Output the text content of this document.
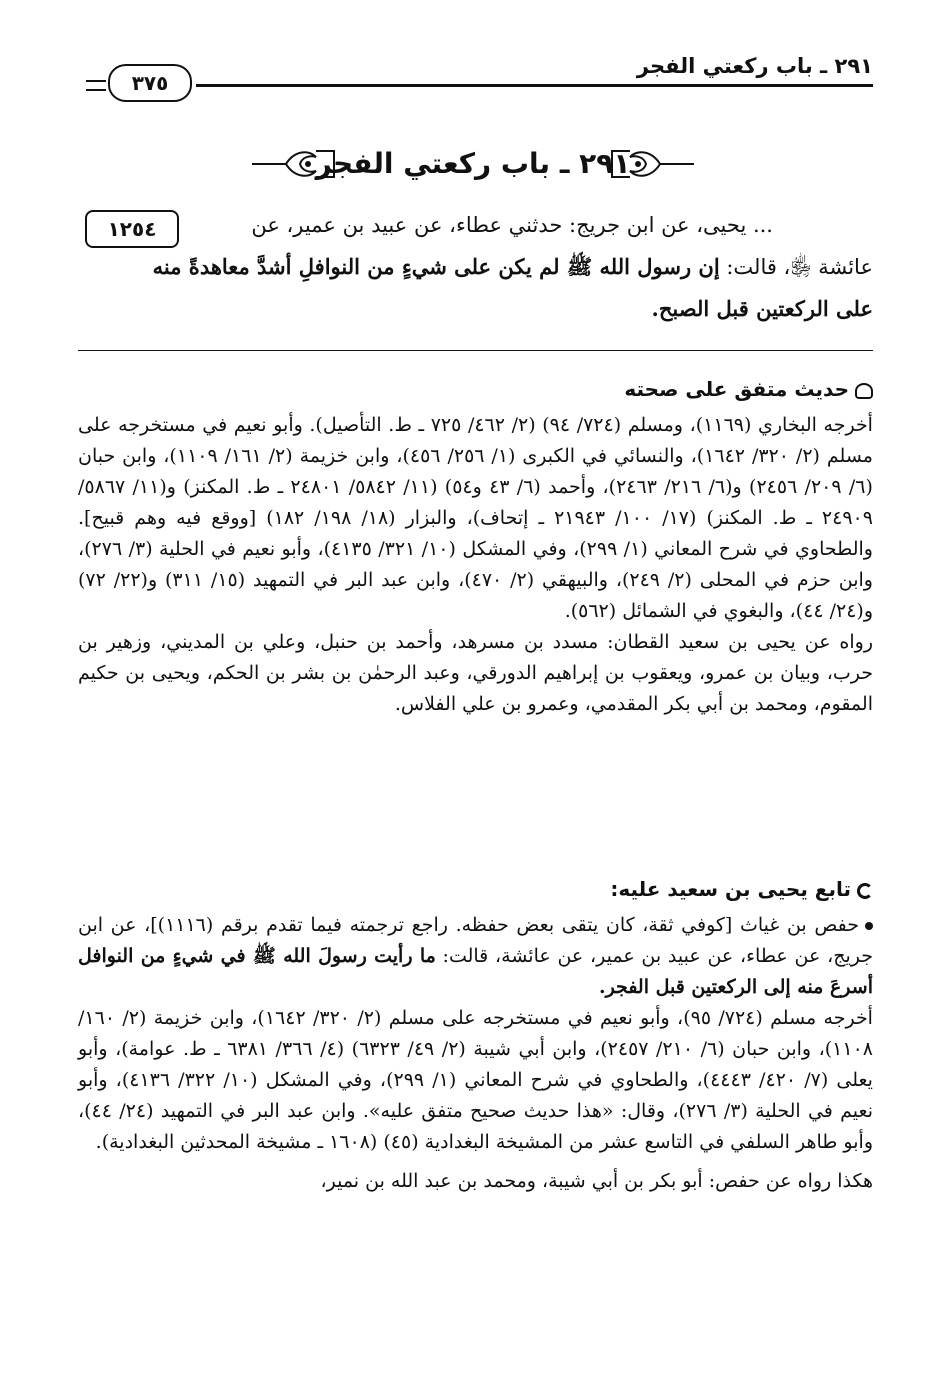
٢٩١ ـ باب ركعتي الفجر
٣٧٥
٢٩١ ـ باب ركعتي الفجر
١٢٥٤	... يحيى، عن ابن جريج: حدثني عطاء، عن عبيد بن عمير، عن

عائشة ﵂، قالت: إن رسول الله ﷺ لم يكن على شيءٍ من النوافلِ أشدَّ معاهدةً منه

على الركعتين قبل الصبح.

حديث متفق على صحته

أخرجه البخاري (١١٦٩)، ومسلم (٧٢٤/ ٩٤) (٢/ ٤٦٢/ ٧٢٥ ـ ط. التأصيل). وأبو نعيم في مستخرجه على مسلم (٢/ ٣٢٠/ ١٦٤٢)، والنسائي في الكبرى (١/ ٢٥٦/ ٤٥٦)، وابن خزيمة (٢/ ١٦١/ ١١٠٩)، وابن حبان (٦/ ٢٠٩/ ٢٤٥٦) و(٦/ ٢١٦/ ٢٤٦٣)، وأحمد (٦/ ٤٣ و٥٤) (١١/ ٥٨٤٢/ ٢٤٨٠١ ـ ط. المكنز) و(١١/ ٥٨٦٧/ ٢٤٩٠٩ ـ ط. المكنز) (١٧/ ١٠٠/ ٢١٩٤٣ ـ إتحاف)، والبزار (١٨/ ١٩٨/ ١٨٢) [ووقع فيه وهم قبيح]. والطحاوي في شرح المعاني (١/ ٢٩٩)، وفي المشكل (١٠/ ٣٢١/ ٤١٣٥)، وأبو نعيم في الحلية (٣/ ٢٧٦)، وابن حزم في المحلى (٢/ ٢٤٩)، والبيهقي (٢/ ٤٧٠)، وابن عبد البر في التمهيد (١٥/ ٣١١) و(٢٢/ ٧٢) و(٢٤/ ٤٤)، والبغوي في الشمائل (٥٦٢).

رواه عن يحيى بن سعيد القطان: مسدد بن مسرهد، وأحمد بن حنبل، وعلي بن المديني، وزهير بن حرب، وبيان بن عمرو، ويعقوب بن إبراهيم الدورقي، وعبد الرحمٰن بن بشر بن الحكم، ويحيى بن حكيم المقوم، ومحمد بن أبي بكر المقدمي، وعمرو بن علي الفلاس.

تابع يحيى بن سعيد عليه:

حفص بن غياث [كوفي ثقة، كان يتقى بعض حفظه. راجع ترجمته فيما تقدم برقم (١١١٦)]، عن ابن جريج، عن عطاء، عن عبيد بن عمير، عن عائشة، قالت: ما رأيت رسولَ الله ﷺ في شيءٍ من النوافل أسرعَ منه إلى الركعتين قبل الفجر.

أخرجه مسلم (٧٢٤/ ٩٥)، وأبو نعيم في مستخرجه على مسلم (٢/ ٣٢٠/ ١٦٤٢)، وابن خزيمة (٢/ ١٦٠/ ١١٠٨)، وابن حبان (٦/ ٢١٠/ ٢٤٥٧)، وابن أبي شيبة (٢/ ٤٩/ ٦٣٢٣) (٤/ ٣٦٦/ ٦٣٨١ ـ ط. عوامة)، وأبو يعلى (٧/ ٤٢٠/ ٤٤٤٣)، والطحاوي في شرح المعاني (١/ ٢٩٩)، وفي المشكل (١٠/ ٣٢٢/ ٤١٣٦)، وأبو نعيم في الحلية (٣/ ٢٧٦)، وقال: «هذا حديث صحيح متفق عليه». وابن عبد البر في التمهيد (٢٤/ ٤٤)، وأبو طاهر السلفي في التاسع عشر من المشيخة البغدادية (٤٥) (١٦٠٨ ـ مشيخة المحدثين البغدادية).

هكذا رواه عن حفص: أبو بكر بن أبي شيبة، ومحمد بن عبد الله بن نمير،
